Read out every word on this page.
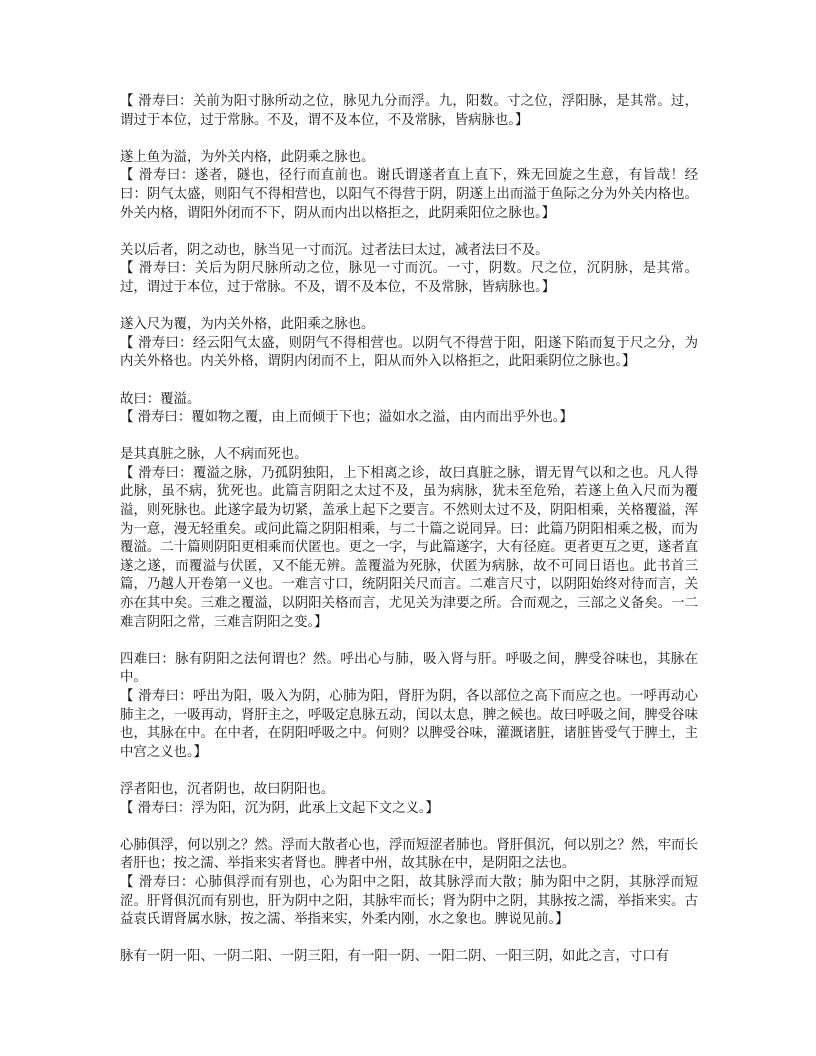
【 滑寿曰：关前为阳寸脉所动之位，脉见九分而浮。九，阳数。寸之位，浮阳脉，是其常。过，谓过于本位，过于常脉。不及，谓不及本位，不及常脉，皆病脉也。】
遂上鱼为溢，为外关内格，此阴乘之脉也。
【 滑寿曰：遂者，隧也，径行而直前也。谢氏谓遂者直上直下，殊无回旋之生意，有旨哉！经曰：阴气太盛，则阳气不得相营也，以阳气不得营于阴，阴遂上出而溢于鱼际之分为外关内格也。外关内格，谓阳外闭而不下，阴从而内出以格拒之，此阴乘阳位之脉也。】
关以后者，阴之动也，脉当见一寸而沉。过者法曰太过，减者法曰不及。
【 滑寿曰：关后为阴尺脉所动之位，脉见一寸而沉。一寸，阴数。尺之位，沉阴脉，是其常。过，谓过于本位，过于常脉。不及，谓不及本位，不及常脉，皆病脉也。】
遂入尺为覆，为内关外格，此阳乘之脉也。
【 滑寿曰：经云阳气太盛，则阴气不得相营也。以阴气不得营于阳，阳遂下陷而复于尺之分，为内关外格也。内关外格，谓阴内闭而不上，阳从而外入以格拒之，此阳乘阴位之脉也。】
故曰：覆溢。
【 滑寿曰：覆如物之覆，由上而倾于下也；溢如水之溢，由内而出乎外也。】
是其真脏之脉，人不病而死也。
【 滑寿曰：覆溢之脉，乃孤阴独阳，上下相离之诊，故曰真脏之脉，谓无胃气以和之也。凡人得此脉，虽不病，犹死也。此篇言阴阳之太过不及，虽为病脉，犹未至危殆，若遂上鱼入尺而为覆溢，则死脉也。此遂字最为切紧，盖承上起下之要言。不然则太过不及，阴阳相乘，关格覆溢，浑为一意，漫无轻重矣。或问此篇之阴阳相乘，与二十篇之说同异。曰：此篇乃阴阳相乘之极，而为覆溢。二十篇则阴阳更相乘而伏匿也。更之一字，与此篇遂字，大有径庭。更者更互之更，遂者直遂之遂，而覆溢与伏匿，又不能无辨。盖覆溢为死脉，伏匿为病脉，故不可同日语也。此书首三篇，乃越人开卷第一义也。一难言寸口，统阴阳关尺而言。二难言尺寸，以阴阳始终对待而言，关亦在其中矣。三难之覆溢，以阴阳关格而言，尤见关为津要之所。合而观之，三部之义备矣。一二难言阴阳之常，三难言阴阳之变。】
四难曰：脉有阴阳之法何谓也？然。呼出心与肺，吸入肾与肝。呼吸之间，脾受谷味也，其脉在中。
【 滑寿曰：呼出为阳，吸入为阴，心肺为阳，肾肝为阴，各以部位之高下而应之也。一呼再动心肺主之，一吸再动，肾肝主之，呼吸定息脉五动，闰以太息，脾之候也。故曰呼吸之间，脾受谷味也，其脉在中。在中者，在阴阳呼吸之中。何则？以脾受谷味，灌溉诸脏，诸脏皆受气于脾土，主中宫之义也。】
浮者阳也，沉者阴也，故曰阴阳也。
【 滑寿曰：浮为阳，沉为阴，此承上文起下文之义。】
心肺俱浮，何以别之？然。浮而大散者心也，浮而短涩者肺也。肾肝俱沉，何以别之？然，牢而长者肝也；按之濡、举指来实者肾也。脾者中州，故其脉在中，是阴阳之法也。
【 滑寿曰：心肺俱浮而有别也，心为阳中之阳，故其脉浮而大散；肺为阳中之阴，其脉浮而短涩。肝肾俱沉而有别也，肝为阴中之阳，其脉牢而长；肾为阴中之阴，其脉按之濡，举指来实。古益袁氏谓肾属水脉，按之濡、举指来实，外柔内刚，水之象也。脾说见前。】
脉有一阴一阳、一阴二阳、一阴三阳，有一阳一阴、一阳二阴、一阳三阴，如此之言，寸口有
